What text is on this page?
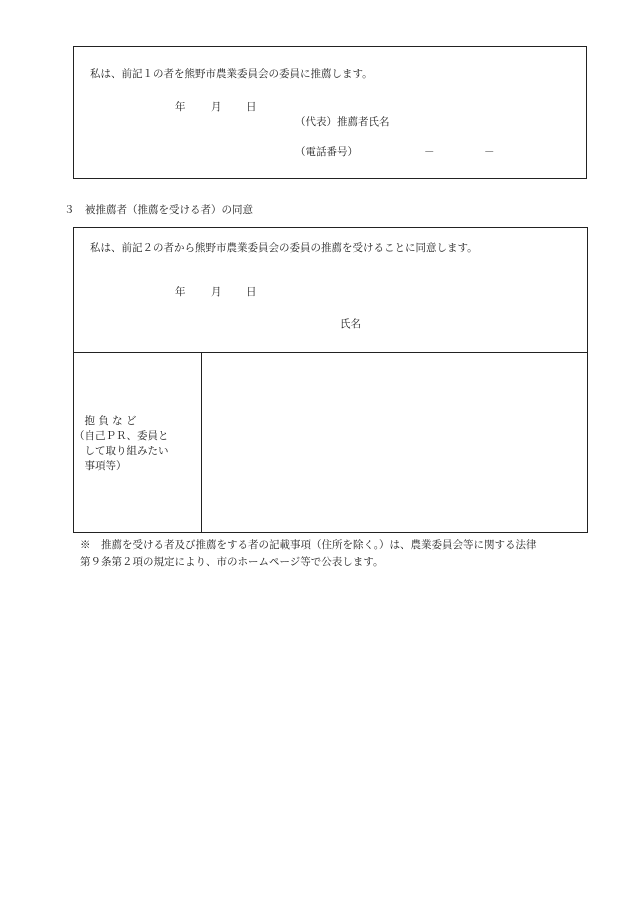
私は、前記１の者を熊野市農業委員会の委員に推薦します。
年 月 日
（代表）推薦者氏名
（電話番号）	－	－
３　被推薦者（推薦を受ける者）の同意
私は、前記２の者から熊野市農業委員会の委員の推薦を受けることに同意します。
年 月 日
氏名
　抱 負 な ど
（自己ＰＲ、委員と
　して取り組みたい
　事項等）
※　推薦を受ける者及び推薦をする者の記載事項（住所を除く。）は、農業委員会等に関する法律
第９条第２項の規定により、市のホームページ等で公表します。
